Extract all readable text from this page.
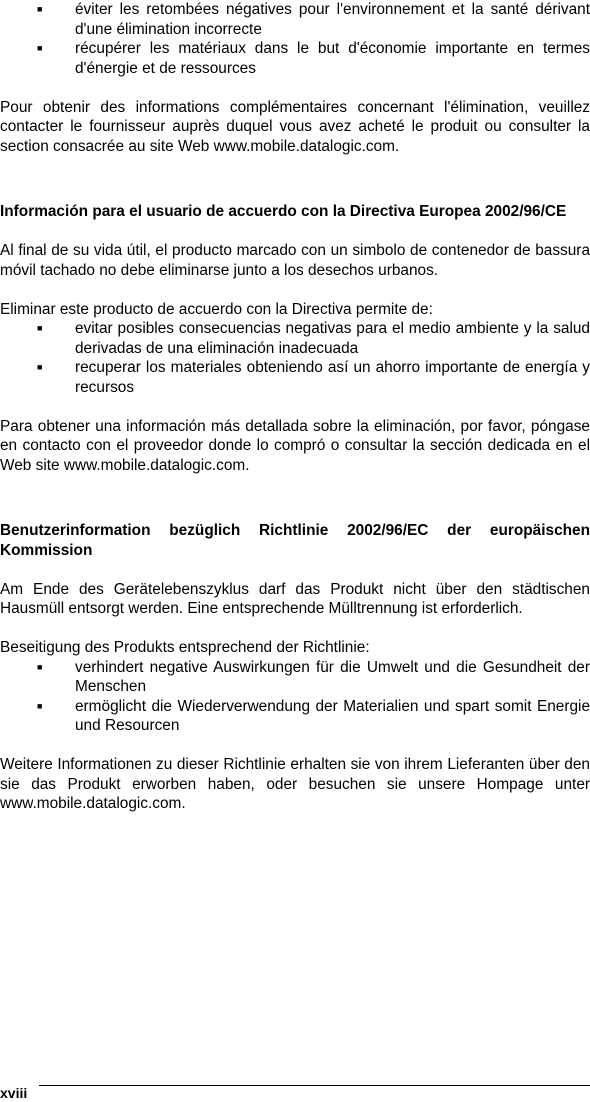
■ éviter les retombées négatives pour l'environnement et la santé dérivant d'une élimination incorrecte
■ récupérer les matériaux dans le but d'économie importante en termes d'énergie et de ressources

Pour obtenir des informations complémentaires concernant l'élimination, veuillez contacter le fournisseur auprès duquel vous avez acheté le produit ou consulter la section consacrée au site Web www.mobile.datalogic.com.

Información para el usuario de accuerdo con la Directiva Europea 2002/96/CE

Al final de su vida útil, el producto marcado con un simbolo de contenedor de bassura móvil tachado no debe eliminarse junto a los desechos urbanos.

Eliminar este producto de accuerdo con la Directiva permite de:

■ evitar posibles consecuencias negativas para el medio ambiente y la salud derivadas de una eliminación inadecuada
■ recuperar los materiales obteniendo así un ahorro importante de energía y recursos

Para obtener una información más detallada sobre la eliminación, por favor, póngase en contacto con el proveedor donde lo compró o consultar la sección dedicada en el Web site www.mobile.datalogic.com.

Benutzerinformation bezüglich Richtlinie 2002/96/EC der europäischen Kommission

Am Ende des Gerätelebenszyklus darf das Produkt nicht über den städtischen Hausmüll entsorgt werden. Eine entsprechende Mülltrennung ist erforderlich.

Beseitigung des Produkts entsprechend der Richtlinie:

■ verhindert negative Auswirkungen für die Umwelt und die Gesundheit der Menschen
■ ermöglicht die Wiederverwendung der Materialien und spart somit Energie und Resourcen

Weitere Informationen zu dieser Richtlinie erhalten sie von ihrem Lieferanten über den sie das Produkt erworben haben, oder besuchen sie unsere Hompage unter www.mobile.datalogic.com.

xviii
